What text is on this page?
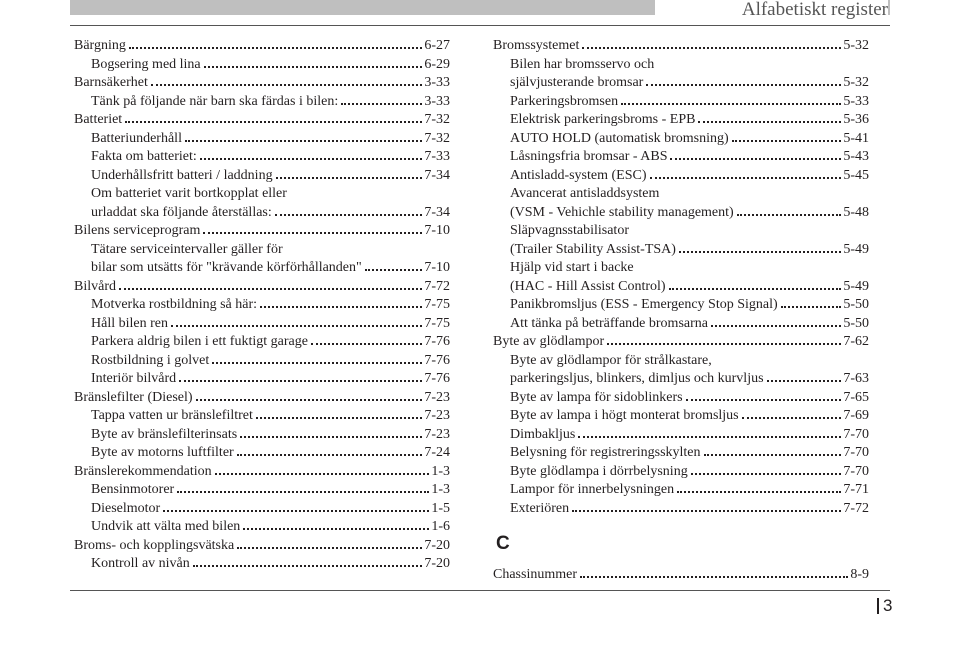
Alfabetiskt register
Bärgning	6-27
Bogsering med lina	6-29
Barnsäkerhet	3-33
Tänk på följande när barn ska färdas i bilen:	3-33
Batteriet	7-32
Batteriunderhåll	7-32
Fakta om batteriet:	7-33
Underhållsfritt batteri / laddning	7-34
Om batteriet varit bortkopplat eller
urladdat ska följande återställas:	7-34
Bilens serviceprogram	7-10
Tätare serviceintervaller gäller för
bilar som utsätts för "krävande körförhållanden"	7-10
Bilvård	7-72
Motverka rostbildning så här:	7-75
Håll bilen ren	7-75
Parkera aldrig bilen i ett fuktigt garage	7-76
Rostbildning i golvet	7-76
Interiör bilvård	7-76
Bränslefilter (Diesel)	7-23
Tappa vatten ur bränslefiltret	7-23
Byte av bränslefilterinsats	7-23
Byte av motorns luftfilter	7-24
Bränslerekommendation	1-3
Bensinmotorer	1-3
Dieselmotor	1-5
Undvik att välta med bilen	1-6
Broms- och kopplingsvätska	7-20
Kontroll av nivån	7-20
Bromssystemet	5-32
Bilen har bromsservo och
självjusterande bromsar	5-32
Parkeringsbromsen	5-33
Elektrisk parkeringsbroms - EPB	5-36
AUTO HOLD (automatisk bromsning)	5-41
Låsningsfria bromsar - ABS	5-43
Antisladd-system (ESC)	5-45
Avancerat antisladdsystem
(VSM - Vehichle stability management)	5-48
Släpvagnsstabilisator
(Trailer Stability Assist-TSA)	5-49
Hjälp vid start i backe
(HAC - Hill Assist Control)	5-49
Panikbromsljus (ESS - Emergency Stop Signal)	5-50
Att tänka på beträffande bromsarna	5-50
Byte av glödlampor	7-62
Byte av glödlampor för strålkastare,
parkeringsljus, blinkers, dimljus och kurvljus	7-63
Byte av lampa för sidoblinkers	7-65
Byte av lampa i högt monterat bromsljus	7-69
Dimbakljus	7-70
Belysning för registreringsskylten	7-70
Byte glödlampa i dörrbelysning	7-70
Lampor för innerbelysningen	7-71
Exteriören	7-72
C
Chassinummer	8-9
3
